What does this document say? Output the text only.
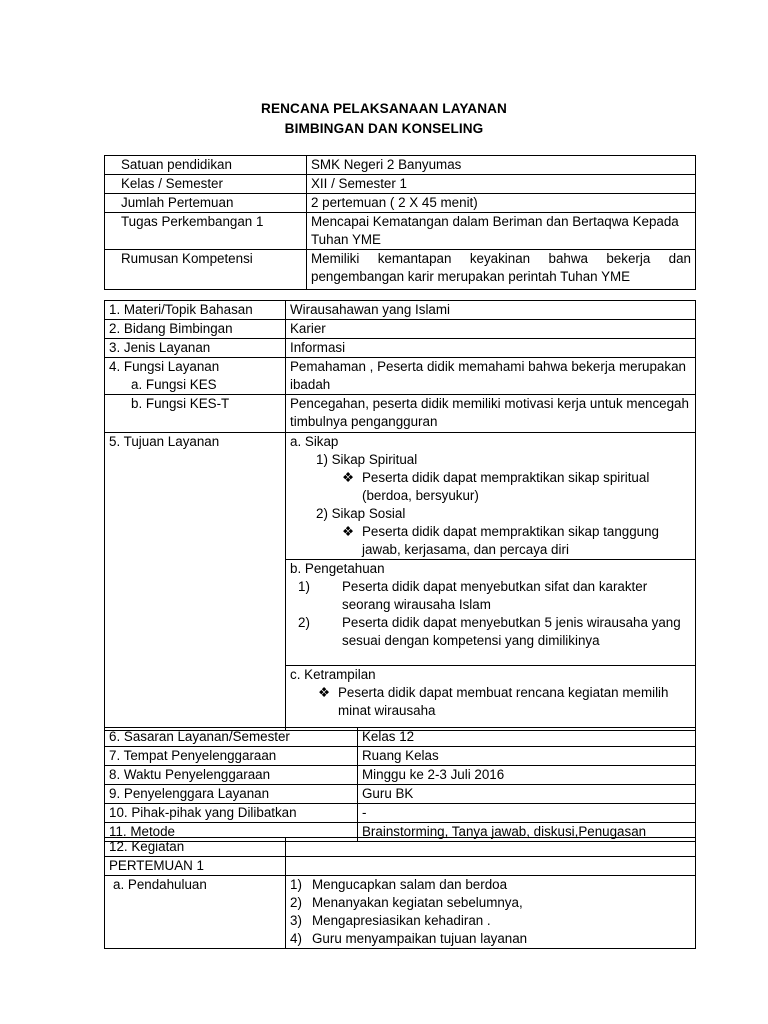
RENCANA PELAKSANAAN LAYANAN
BIMBINGAN DAN KONSELING
Satuan pendidikan	SMK Negeri 2 Banyumas
Kelas / Semester	XII / Semester 1
Jumlah Pertemuan	2 pertemuan ( 2 X 45 menit)
Tugas Perkembangan 1	Mencapai Kematangan dalam Beriman dan Bertaqwa Kepada Tuhan YME
Rumusan Kompetensi	Memiliki kemantapan keyakinan bahwa bekerja dan pengembangan karir merupakan perintah Tuhan YME
1. Materi/Topik Bahasan	Wirausahawan yang Islami
2. Bidang Bimbingan	Karier
3. Jenis Layanan	Informasi

4. Fungsi Layanan
a. Fungsi KES	Pemahaman , Peserta didik memahami bahwa bekerja merupakan ibadah

b. Fungsi KES-T	Pencegahan, peserta didik memiliki motivasi kerja untuk mencegah timbulnya pengangguran
5. Tujuan Layanan	a. Sikap
1) Sikap Spiritual
❖ Peserta didik dapat mempraktikan sikap spiritual (berdoa, bersyukur)
2) Sikap Sosial
❖ Peserta didik dapat mempraktikan sikap tanggung jawab, kerjasama, dan percaya diri

	b. Pengetahuan
1) Peserta didik dapat menyebutkan sifat dan karakter seorang wirausaha Islam
2) Peserta didik dapat menyebutkan 5 jenis wirausaha yang sesuai dengan kompetensi yang dimilikinya

	c. Ketrampilan
❖ Peserta didik dapat membuat rencana kegiatan memilih minat wirausaha
6. Sasaran Layanan/Semester	Kelas 12
7. Tempat Penyelenggaraan	Ruang Kelas
8. Waktu Penyelenggaraan	Minggu ke 2-3 Juli 2016
9. Penyelenggara Layanan	Guru BK
10. Pihak-pihak yang Dilibatkan	-
11. Metode	Brainstorming, Tanya jawab, diskusi,Penugasan
12. Kegiatan	
PERTEMUAN 1	

a. Pendahuluan	1) Mengucapkan salam dan berdoa
2) Menanyakan kegiatan sebelumnya,
3) Mengapresiasikan kehadiran .
4) Guru menyampaikan tujuan layanan
